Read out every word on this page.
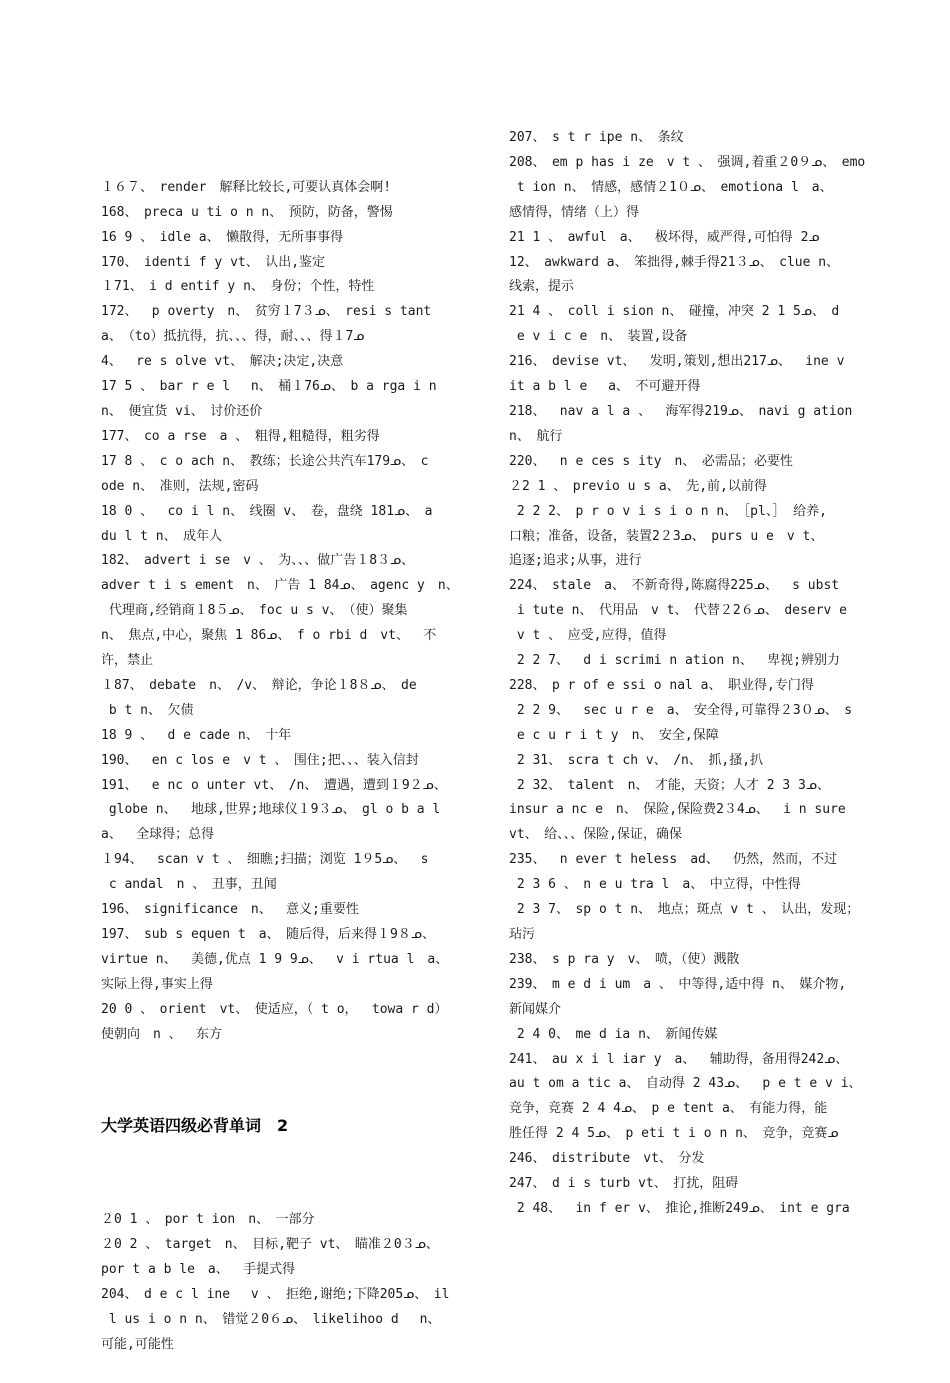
１６７、　render　解释比较长,可要认真体会啊!
168、　preca u ti o n n、　预防，防备，警惕
16 9 、　idle a、　懒散得，无所事事得
170、　identi f y vt、　认出,鉴定
１71、　i d entif y n、　身份；个性，特性
172、　 p overty　n、　贫穷１7３ᓄ、　resi s tant
a、　（to）抵抗得，抗、、、得，耐、、、得１7ᓄ
4、　 re s olve vt、　解决;决定,决意
17 5 、　bar r e l　 n、　桶１76ᓄ、　b a rga i n
n、　便宜货 vi、　讨价还价
177、　co a rse　a 、　粗得,粗糙得，粗劣得
17 8 、　c o ach n、　教练；长途公共汽车179ᓄ、　c
ode n、　准则，法规,密码
18 0 、　 co i l n、　线圈 v、　卷，盘绕 181ᓄ、　a
du l t n、　成年人
182、　advert i se　v 、　为、、、做广告１8３ᓄ、
adver t i s ement　n、　广告 1 84ᓄ、　agenc y　n、
代理商,经销商１8５ᓄ、　foc u s v、　（使）聚集
n、　焦点,中心，聚焦 1 86ᓄ、　f o rbi d　vt、　 不
许，禁止
１87、　debate　n、　/v、　辩论，争论１8８ᓄ、　de
b t n、　欠债
18 9 、　 d e cade n、　十年
190、　 en c los e　v t 、　围住;把、、、装入信封
191、　 e nc o unter vt、　/n、　遭遇，遭到１9２ᓄ、
globe n、　 地球,世界;地球仪１9３ᓄ、　gl o b a l
a、　 全球得；总得
１94、　 scan v t 、　细瞧;扫描；浏览 1９5ᓄ、　 s
c andal　n 、　丑事，丑闻
196、　significance　n、　 意义;重要性
197、　sub s equen t　a、　随后得，后来得１9８ᓄ、
virtue n、　 美德,优点 1 9 9ᓄ、　 v i rtua l　a、
实际上得,事实上得
20 0 、　orient　vt、　使适应，（ t o，　 towa r d）
使朝向　n 、　 东方

大学英语四级必背单词　2

２0 1 、　por t ion　n、　一部分
２0 2 、　target　n、　目标,靶子 vt、　瞄准２0３ᓄ、
por t a b le　a、　 手提式得
204、　d e c l ine　 v 、　拒绝,谢绝;下降205ᓄ、　il
l us i o n n、　错觉２0６ᓄ、　likelihoo d　 n、
可能,可能性

207、　s t r ipe n、　条纹
208、　em p has i ze　v t 、　强调,着重２0９ᓄ、　emo
t ion n、　情感，感情２1０ᓄ、　emotiona l　a、
感情得，情绪（上）得
21 1 、　awful　a、　 极坏得，威严得,可怕得 2ᓄ
12、　awkward a、　笨拙得,棘手得21３ᓄ、　clue n、
线索，提示
21 4 、　coll i sion n、　碰撞，冲突 2 1 5ᓄ、　d
e v i c e　n、　装置,设备
216、　devise vt、　 发明,策划,想出217ᓄ、　 ine v
it a b l e　 a、　不可避开得
218、　 nav a l a 、　 海军得219ᓄ、　navi g ation
n、　航行
220、　 n e ces s ity　n、　必需品；必要性
２2 1 、　previo u s a、　先,前,以前得
2 2 2、　p r o v i s i o n n、　［pl、］ 给养,
口粮；准备，设备，装置2２3ᓄ、　purs u e　v t、
追逐;追求;从事，进行
224、　stale　a、　不新奇得,陈腐得225ᓄ、　 s ubst
i tute n、　代用品　v t、　代替２2６ᓄ、　deserv e
v t 、　应受,应得，值得
2 2 7、　 d i scrimi n ation n、　 卑视;辨别力
228、　p r of e ssi o nal a、　职业得,专门得
2 2 9、　 sec u r e　a、　安全得,可靠得２3０ᓄ、　s
e c u r i t y　n、　安全,保障
2 31、　scra t ch v、　/n、　抓,搔,扒
2 32、　talent　n、　才能，天资；人才 2 3 3ᓄ、
insur a nc e　n、　保险,保险费2３4ᓄ、　 i n sure
vt、　给、、、保险,保证，确保
235、　 n ever t heless　ad、　 仍然，然而，不过
2 3 6 、　n e u tra l　a、　中立得，中性得
2 3 7、　sp o t n、　地点；斑点 v t 、　认出，发现；
玷污
238、　s p ra y　v、　喷，（使）溅散
239、　m e d i um　a 、　中等得,适中得 n、　媒介物,
新闻媒介
2 4 0、　me d ia n、　新闻传媒
241、　au x i l iar y　a、　 辅助得，备用得242ᓄ、
au t om a tic a、　自动得 2 43ᓄ、　 p e t e v i、
竞争，竞赛 2 4 4ᓄ、　p e tent a、　有能力得，能
胜任得 2 4 5ᓄ、　p eti t i o n n、　竞争，竞赛ᓄ
246、　distribute　vt、　分发
247、　d i s turb vt、　打扰，阻碍
2 48、　 in f er v、　推论,推断249ᓄ、　int e gra
